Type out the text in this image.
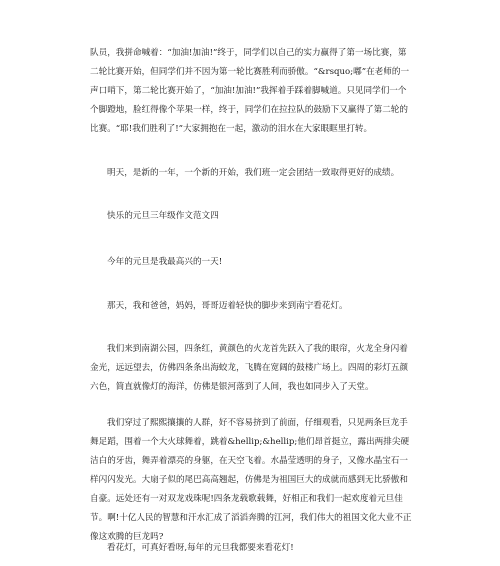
队员，我拼命喊着：“加油!加油!”终于，同学们以自己的实力赢得了第一场比赛，第二轮比赛开始，但同学们并不因为第一轮比赛胜利而骄傲。“&rsquo;嘟”在老师的一声口哨下，第二轮比赛开始了，“加油!加油!”我挥着手踩着脚喊道。只见同学们一个个脚蹬地，脸红得像个苹果一样，终于，同学们在拉拉队的鼓励下又赢得了第二轮的比赛。“耶!我们胜利了!”大家拥抱在一起，激动的泪水在大家眼眶里打转。

明天，是新的一年，一个新的开始，我们班一定会团结一致取得更好的成绩。

快乐的元旦三年级作文范文四

今年的元旦是我最高兴的一天!

那天，我和爸爸，妈妈，哥哥迈着轻快的脚步来到南宁看花灯。

我们来到南湖公园，四条红，黄颜色的火龙首先跃入了我的眼帘，火龙全身闪着金光，远远望去，仿佛四条条出海蛟龙，飞腾在宽阔的鼓楼广场上。四周的彩灯五颜六色，简直就像灯的海洋，仿佛是银河落到了人间，我也如同步入了天堂。

我们穿过了熙熙攘攘的人群，好不容易挤到了前面，仔细观看，只见两条巨龙手舞足蹈，围着一个大火球舞着，跳着&hellip;&hellip;他们昂首挺立，露出两排尖硬洁白的牙齿，舞弄着漂亮的身躯，在天空飞着。水晶莹透明的身子，又像水晶宝石一样闪闪发光。大扇子似的尾巴高高翘起，仿佛是为祖国巨大的成就而感到无比骄傲和自豪。远处还有一对双龙戏珠呢!四条龙载歌载舞，好相正和我们一起欢度着元旦佳节。啊!十亿人民的智慧和汗水汇成了滔滔奔腾的江河，我们伟大的祖国文化大业不正像这欢腾的巨龙吗?

看花灯，可真好看呀,每年的元旦我都要来看花灯!
